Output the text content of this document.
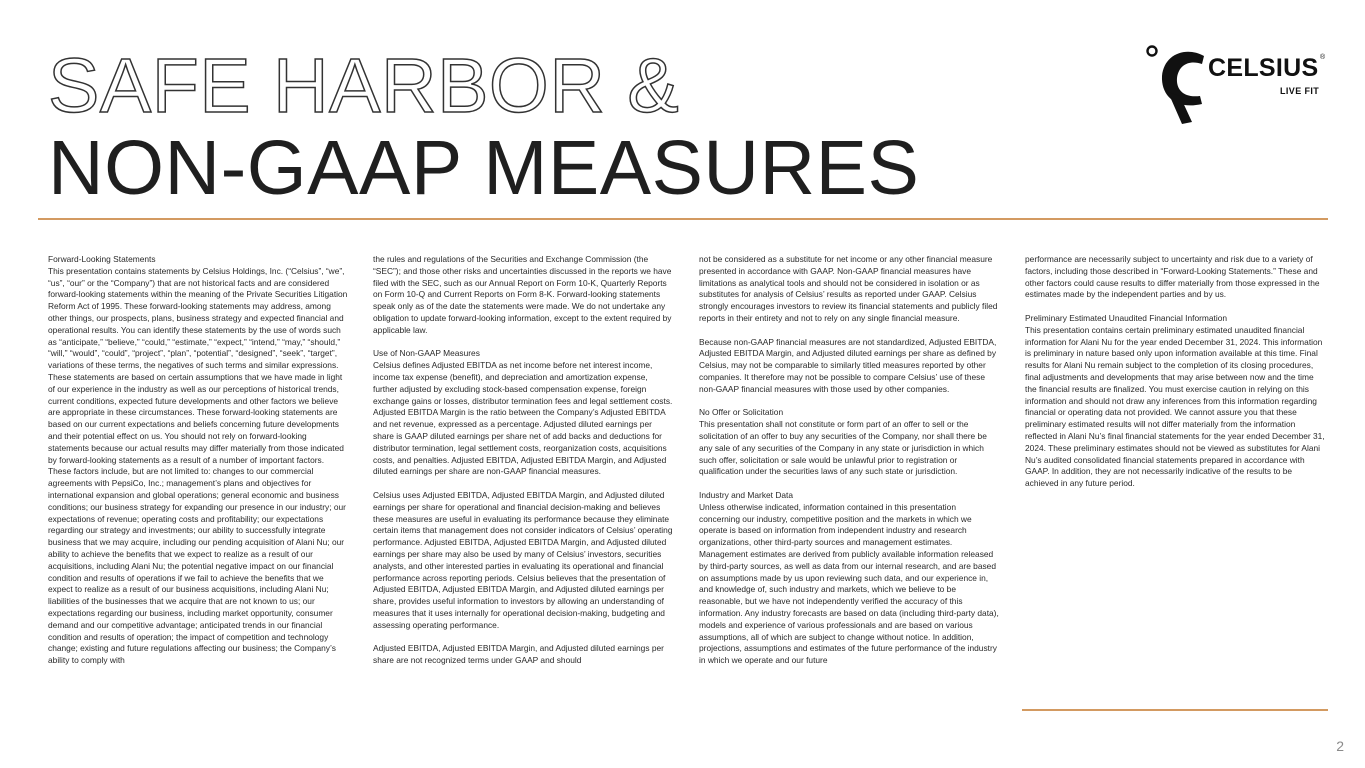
SAFE HARBOR &
NON-GAAP MEASURES
CELSIUS ®
LIVE FIT

Forward-Looking Statements
This presentation contains statements by Celsius Holdings, Inc. (“Celsius”, “we”, “us”, “our” or the “Company”) that are not historical facts and are considered forward-looking statements within the meaning of the Private Securities Litigation Reform Act of 1995. These forward-looking statements may address, among other things, our prospects, plans, business strategy and expected financial and operational results. You can identify these statements by the use of words such as “anticipate,” “believe,” “could,” “estimate,” “expect,” “intend,” “may,” “should,” “will,” “would”, “could”, “project”, “plan”, “potential”, “designed”, “seek”, “target”, variations of these terms, the negatives of such terms and similar expressions. These statements are based on certain assumptions that we have made in light of our experience in the industry as well as our perceptions of historical trends, current conditions, expected future developments and other factors we believe are appropriate in these circumstances. These forward-looking statements are based on our current expectations and beliefs concerning future developments and their potential effect on us. You should not rely on forward-looking statements because our actual results may differ materially from those indicated by forward-looking statements as a result of a number of important factors. These factors include, but are not limited to: changes to our commercial agreements with PepsiCo, Inc.; management’s plans and objectives for international expansion and global operations; general economic and business conditions; our business strategy for expanding our presence in our industry; our expectations of revenue; operating costs and profitability; our expectations regarding our strategy and investments; our ability to successfully integrate business that we may acquire, including our pending acquisition of Alani Nu; our ability to achieve the benefits that we expect to realize as a result of our acquisitions, including Alani Nu; the potential negative impact on our financial condition and results of operations if we fail to achieve the benefits that we expect to realize as a result of our business acquisitions, including Alani Nu; liabilities of the businesses that we acquire that are not known to us; our expectations regarding our business, including market opportunity, consumer demand and our competitive advantage; anticipated trends in our financial condition and results of operation; the impact of competition and technology change; existing and future regulations affecting our business; the Company’s ability to comply with

the rules and regulations of the Securities and Exchange Commission (the “SEC”); and those other risks and uncertainties discussed in the reports we have filed with the SEC, such as our Annual Report on Form 10-K, Quarterly Reports on Form 10-Q and Current Reports on Form 8-K. Forward-looking statements speak only as of the date the statements were made. We do not undertake any obligation to update forward-looking information, except to the extent required by applicable law.

Use of Non-GAAP Measures
Celsius defines Adjusted EBITDA as net income before net interest income, income tax expense (benefit), and depreciation and amortization expense, further adjusted by excluding stock-based compensation expense, foreign exchange gains or losses, distributor termination fees and legal settlement costs. Adjusted EBITDA Margin is the ratio between the Company’s Adjusted EBITDA and net revenue, expressed as a percentage. Adjusted diluted earnings per share is GAAP diluted earnings per share net of add backs and deductions for distributor termination, legal settlement costs, reorganization costs, acquisitions costs, and penalties. Adjusted EBITDA, Adjusted EBITDA Margin, and Adjusted diluted earnings per share are non-GAAP financial measures.

Celsius uses Adjusted EBITDA, Adjusted EBITDA Margin, and Adjusted diluted earnings per share for operational and financial decision-making and believes these measures are useful in evaluating its performance because they eliminate certain items that management does not consider indicators of Celsius’ operating performance. Adjusted EBITDA, Adjusted EBITDA Margin, and Adjusted diluted earnings per share may also be used by many of Celsius’ investors, securities analysts, and other interested parties in evaluating its operational and financial performance across reporting periods. Celsius believes that the presentation of Adjusted EBITDA, Adjusted EBITDA Margin, and Adjusted diluted earnings per share, provides useful information to investors by allowing an understanding of measures that it uses internally for operational decision-making, budgeting and assessing operating performance.

Adjusted EBITDA, Adjusted EBITDA Margin, and Adjusted diluted earnings per share are not recognized terms under GAAP and should

not be considered as a substitute for net income or any other financial measure presented in accordance with GAAP. Non-GAAP financial measures have limitations as analytical tools and should not be considered in isolation or as substitutes for analysis of Celsius’ results as reported under GAAP. Celsius strongly encourages investors to review its financial statements and publicly filed reports in their entirety and not to rely on any single financial measure.

Because non-GAAP financial measures are not standardized, Adjusted EBITDA, Adjusted EBITDA Margin, and Adjusted diluted earnings per share as defined by Celsius, may not be comparable to similarly titled measures reported by other companies. It therefore may not be possible to compare Celsius’ use of these non-GAAP financial measures with those used by other companies.

No Offer or Solicitation
This presentation shall not constitute or form part of an offer to sell or the solicitation of an offer to buy any securities of the Company, nor shall there be any sale of any securities of the Company in any state or jurisdiction in which such offer, solicitation or sale would be unlawful prior to registration or qualification under the securities laws of any such state or jurisdiction.

Industry and Market Data
Unless otherwise indicated, information contained in this presentation concerning our industry, competitive position and the markets in which we operate is based on information from independent industry and research organizations, other third-party sources and management estimates. Management estimates are derived from publicly available information released by third-party sources, as well as data from our internal research, and are based on assumptions made by us upon reviewing such data, and our experience in, and knowledge of, such industry and markets, which we believe to be reasonable, but we have not independently verified the accuracy of this information. Any industry forecasts are based on data (including third-party data), models and experience of various professionals and are based on various assumptions, all of which are subject to change without notice. In addition, projections, assumptions and estimates of the future performance of the industry in which we operate and our future

performance are necessarily subject to uncertainty and risk due to a variety of factors, including those described in “Forward-Looking Statements.” These and other factors could cause results to differ materially from those expressed in the estimates made by the independent parties and by us.

Preliminary Estimated Unaudited Financial Information
This presentation contains certain preliminary estimated unaudited financial information for Alani Nu for the year ended December 31, 2024. This information is preliminary in nature based only upon information available at this time. Final results for Alani Nu remain subject to the completion of its closing procedures, final adjustments and developments that may arise between now and the time the financial results are finalized. You must exercise caution in relying on this information and should not draw any inferences from this information regarding financial or operating data not provided. We cannot assure you that these preliminary estimated results will not differ materially from the information reflected in Alani Nu’s final financial statements for the year ended December 31, 2024. These preliminary estimates should not be viewed as substitutes for Alani Nu’s audited consolidated financial statements prepared in accordance with GAAP. In addition, they are not necessarily indicative of the results to be achieved in any future period.

2
